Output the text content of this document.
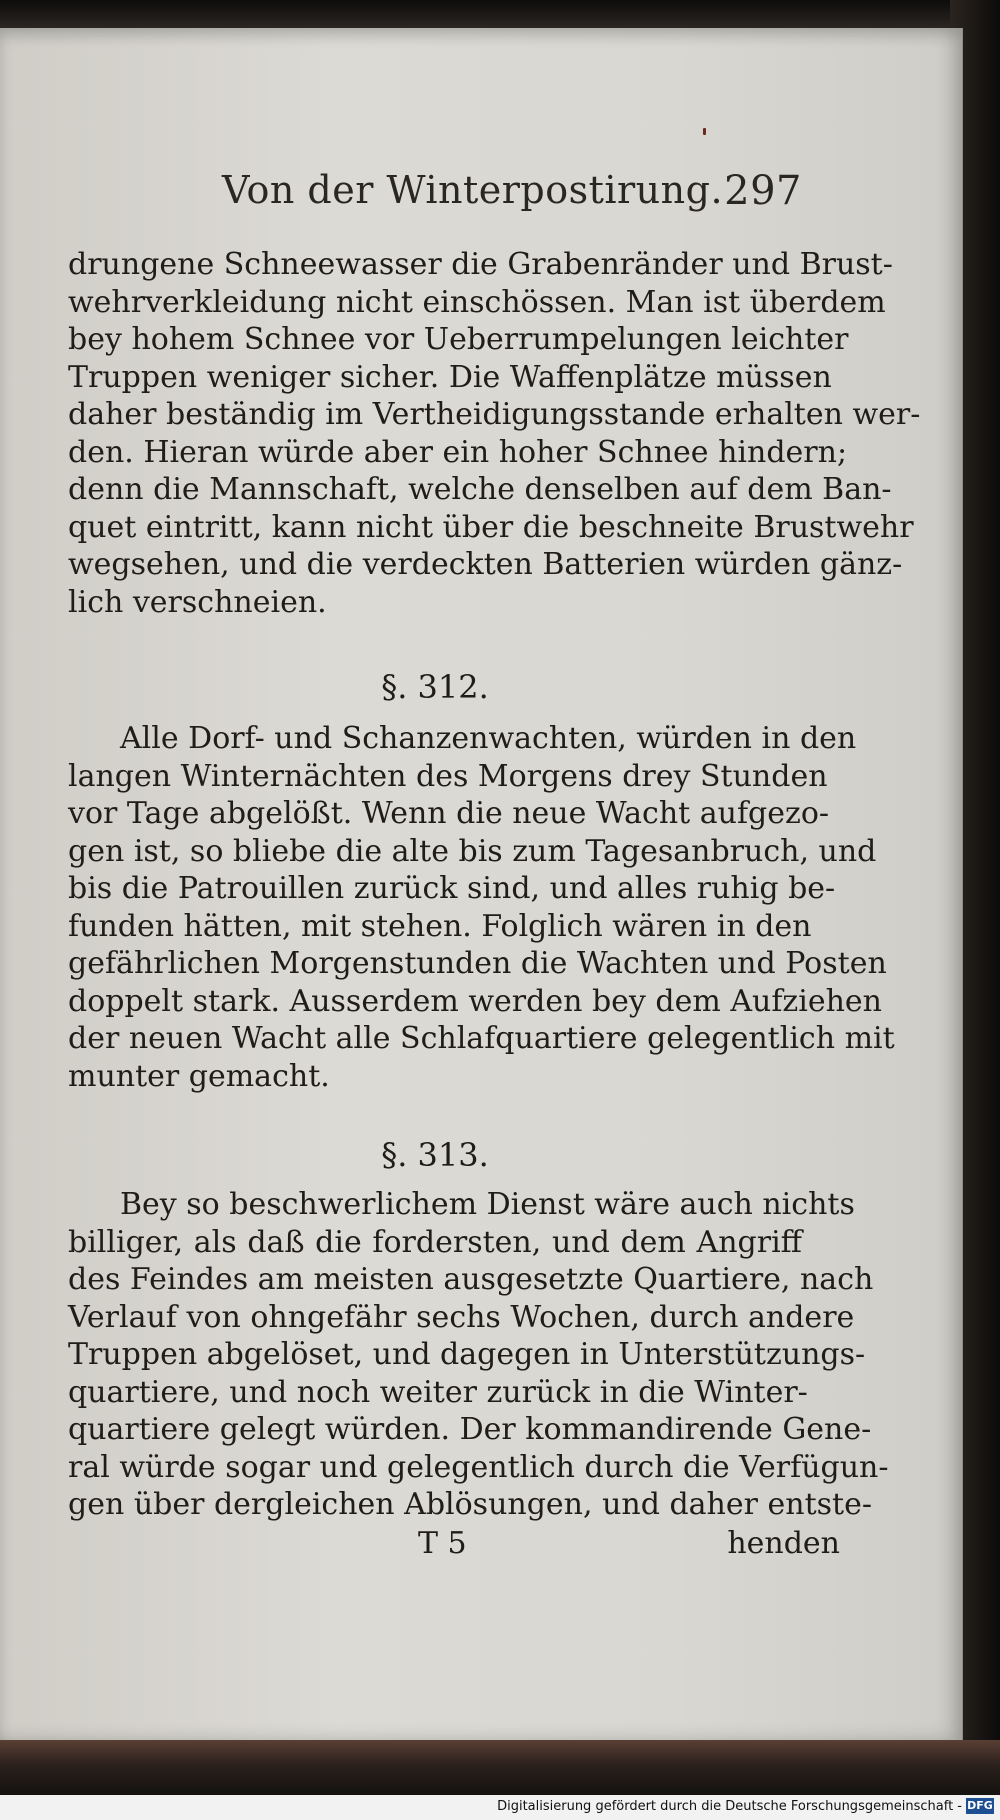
Von der Winterpostirung. 297
drungene Schneewasser die Grabenränder und Brust-
wehrverkleidung nicht einschössen. Man ist überdem
bey hohem Schnee vor Ueberrumpelungen leichter
Truppen weniger sicher. Die Waffenplätze müssen
daher beständig im Vertheidigungsstande erhalten wer-
den. Hieran würde aber ein hoher Schnee hindern;
denn die Mannschaft, welche denselben auf dem Ban-
quet eintritt, kann nicht über die beschneite Brustwehr
wegsehen, und die verdeckten Batterien würden gänz-
lich verschneien.
§. 312.
Alle Dorf- und Schanzenwachten, würden in den
langen Winternächten des Morgens drey Stunden
vor Tage abgelößt. Wenn die neue Wacht aufgezo-
gen ist, so bliebe die alte bis zum Tagesanbruch, und
bis die Patrouillen zurück sind, und alles ruhig be-
funden hätten, mit stehen. Folglich wären in den
gefährlichen Morgenstunden die Wachten und Posten
doppelt stark. Ausserdem werden bey dem Aufziehen
der neuen Wacht alle Schlafquartiere gelegentlich mit
munter gemacht.
§. 313.
Bey so beschwerlichem Dienst wäre auch nichts
billiger, als daß die fordersten, und dem Angriff
des Feindes am meisten ausgesetzte Quartiere, nach
Verlauf von ohngefähr sechs Wochen, durch andere
Truppen abgelöset, und dagegen in Unterstützungs-
quartiere, und noch weiter zurück in die Winter-
quartiere gelegt würden. Der kommandirende Gene-
ral würde sogar und gelegentlich durch die Verfügun-
gen über dergleichen Ablösungen, und daher entste-
T 5	henden
Digitalisierung gefördert durch die Deutsche Forschungsgemeinschaft - DFG
